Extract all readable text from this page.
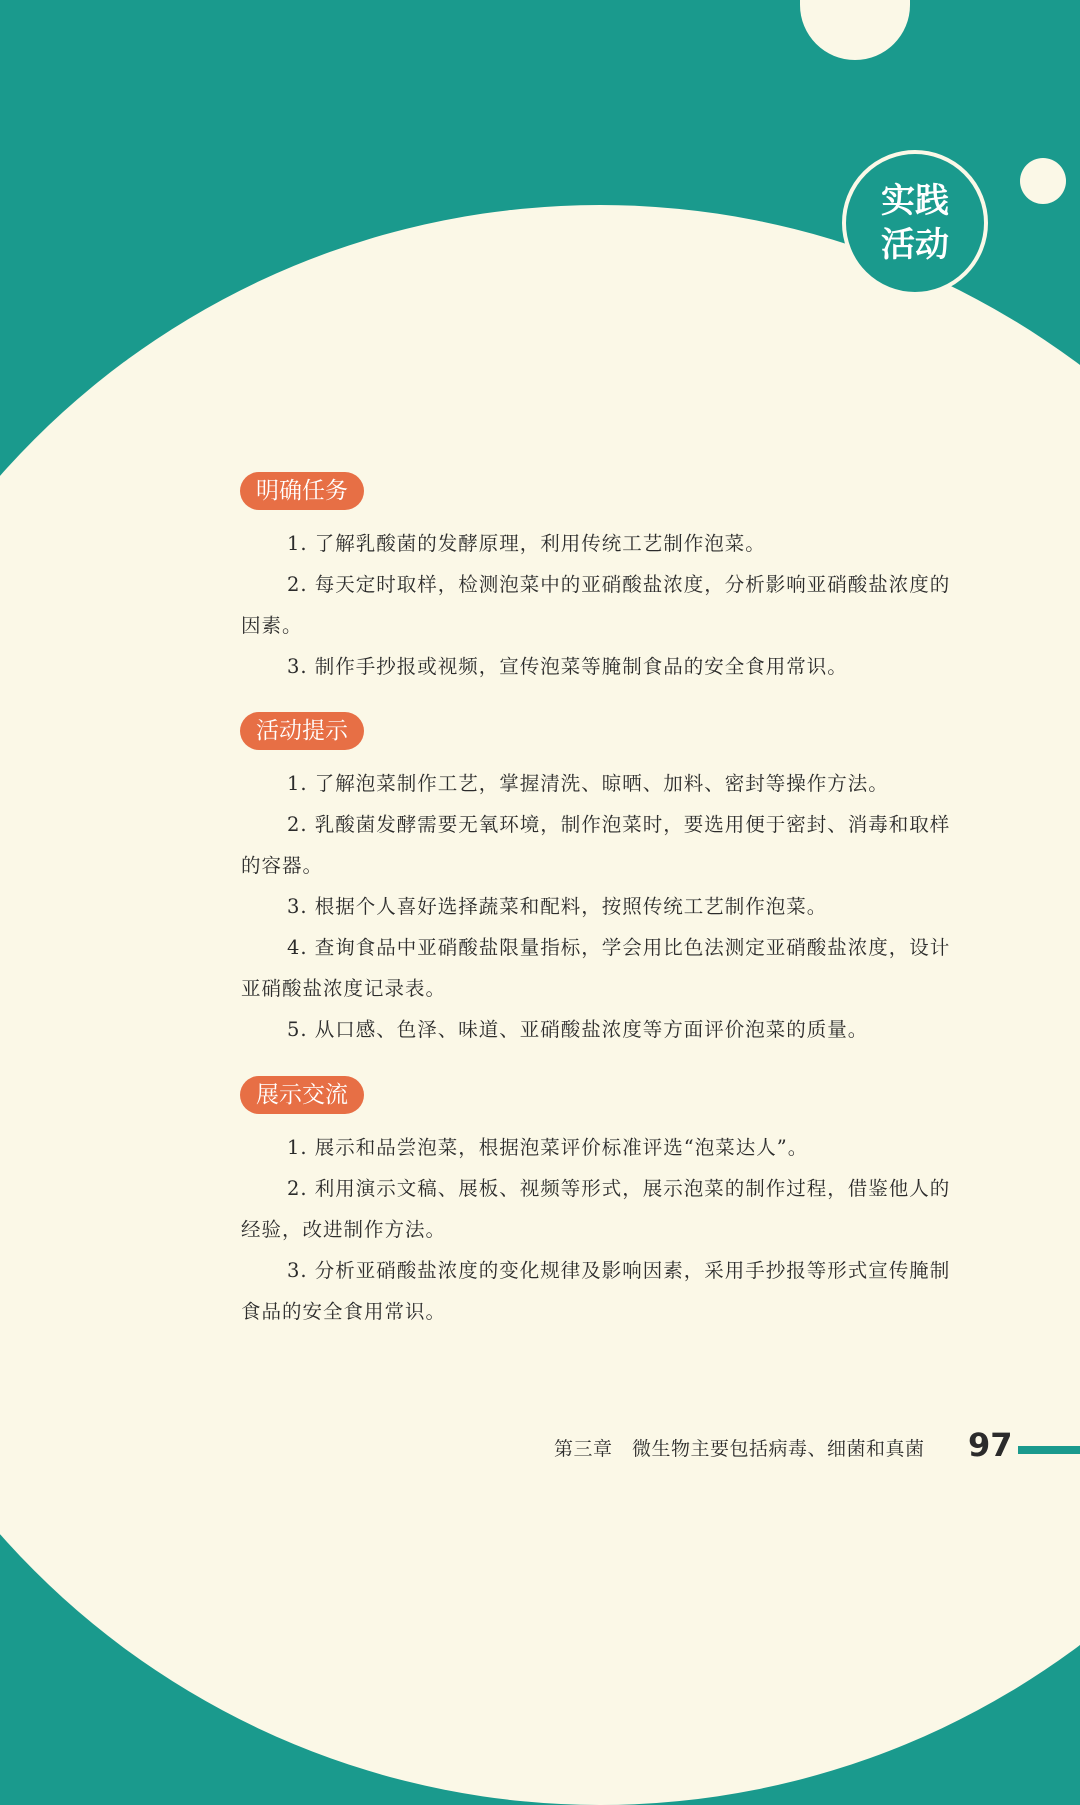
实践
活动
明确任务
1. 了解乳酸菌的发酵原理，利用传统工艺制作泡菜。
2. 每天定时取样，检测泡菜中的亚硝酸盐浓度，分析影响亚硝酸盐浓度的因素。
3. 制作手抄报或视频，宣传泡菜等腌制食品的安全食用常识。
活动提示
1. 了解泡菜制作工艺，掌握清洗、晾晒、加料、密封等操作方法。
2. 乳酸菌发酵需要无氧环境，制作泡菜时，要选用便于密封、消毒和取样的容器。
3. 根据个人喜好选择蔬菜和配料，按照传统工艺制作泡菜。
4. 查询食品中亚硝酸盐限量指标，学会用比色法测定亚硝酸盐浓度，设计亚硝酸盐浓度记录表。
5. 从口感、色泽、味道、亚硝酸盐浓度等方面评价泡菜的质量。
展示交流
1. 展示和品尝泡菜，根据泡菜评价标准评选“泡菜达人”。
2. 利用演示文稿、展板、视频等形式，展示泡菜的制作过程，借鉴他人的经验，改进制作方法。
3. 分析亚硝酸盐浓度的变化规律及影响因素，采用手抄报等形式宣传腌制食品的安全食用常识。
第三章　微生物主要包括病毒、细菌和真菌 97
